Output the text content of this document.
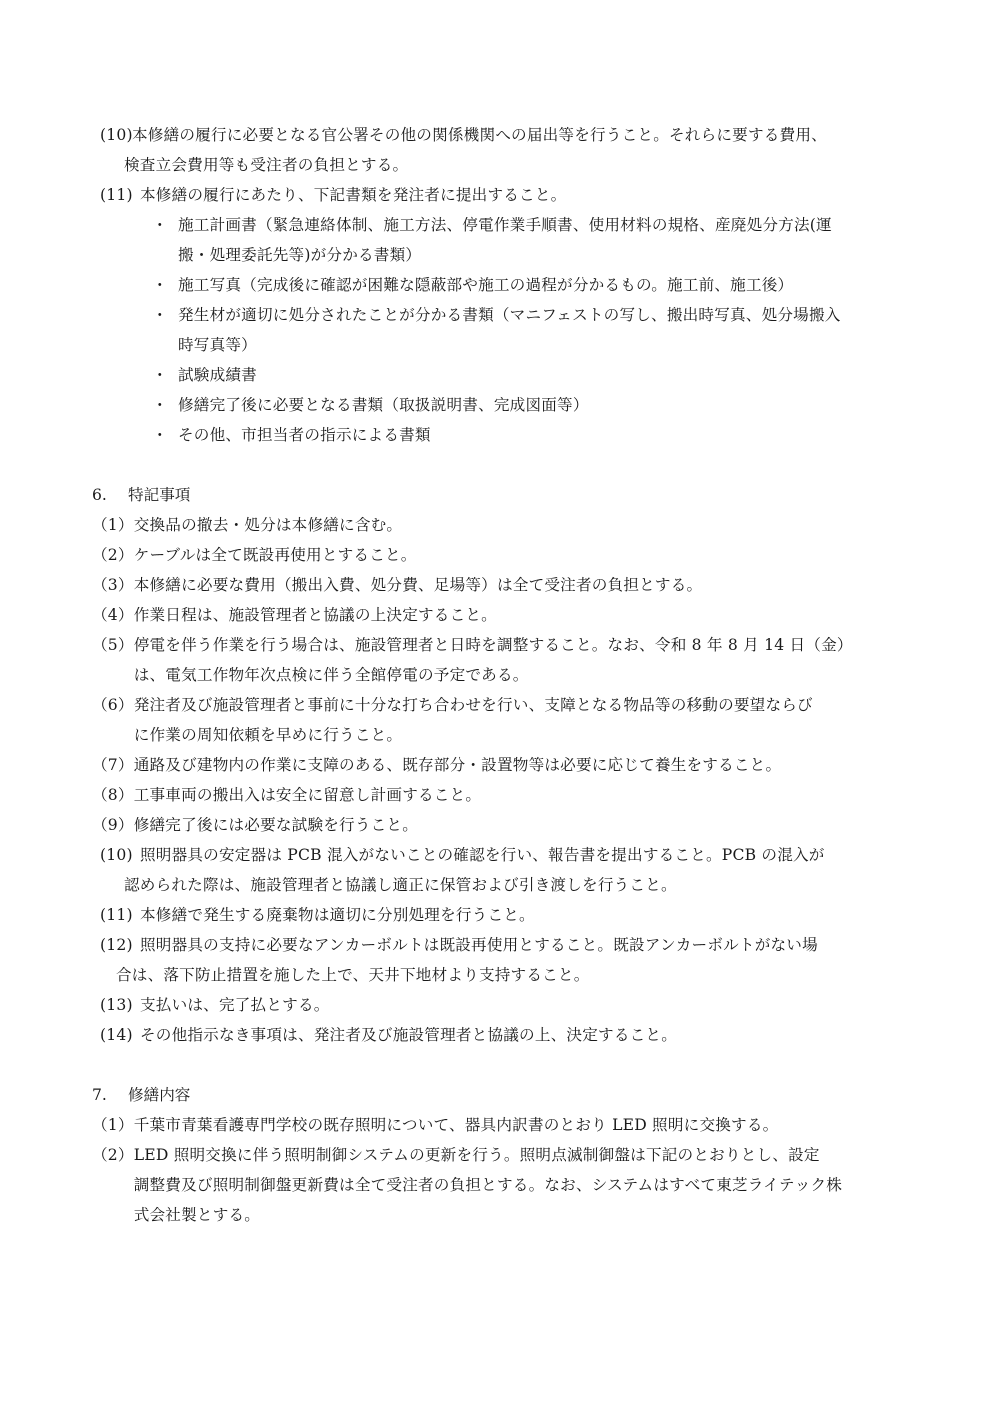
(10) 本修繕の履行に必要となる官公署その他の関係機関への届出等を行うこと。それらに要する費用、
検査立会費用等も受注者の負担とする。
(11) 本修繕の履行にあたり、下記書類を発注者に提出すること。
・ 施工計画書（緊急連絡体制、施工方法、停電作業手順書、使用材料の規格、産廃処分方法(運
搬・処理委託先等)が分かる書類）
・ 施工写真（完成後に確認が困難な隠蔽部や施工の過程が分かるもの。施工前、施工後）
・ 発生材が適切に処分されたことが分かる書類（マニフェストの写し、搬出時写真、処分場搬入
時写真等）
・ 試験成績書
・ 修繕完了後に必要となる書類（取扱説明書、完成図面等）
・ その他、市担当者の指示による書類
6. 特記事項
（1） 交換品の撤去・処分は本修繕に含む。
（2） ケーブルは全て既設再使用とすること。
（3） 本修繕に必要な費用（搬出入費、処分費、足場等）は全て受注者の負担とする。
（4） 作業日程は、施設管理者と協議の上決定すること。
（5） 停電を伴う作業を行う場合は、施設管理者と日時を調整すること。なお、令和 8 年 8 月 14 日（金）
は、電気工作物年次点検に伴う全館停電の予定である。
（6） 発注者及び施設管理者と事前に十分な打ち合わせを行い、支障となる物品等の移動の要望ならび
に作業の周知依頼を早めに行うこと。
（7） 通路及び建物内の作業に支障のある、既存部分・設置物等は必要に応じて養生をすること。
（8） 工事車両の搬出入は安全に留意し計画すること。
（9） 修繕完了後には必要な試験を行うこと。
(10) 照明器具の安定器は PCB 混入がないことの確認を行い、報告書を提出すること。PCB の混入が
認められた際は、施設管理者と協議し適正に保管および引き渡しを行うこと。
(11) 本修繕で発生する廃棄物は適切に分別処理を行うこと。
(12) 照明器具の支持に必要なアンカーボルトは既設再使用とすること。既設アンカーボルトがない場
合は、落下防止措置を施した上で、天井下地材より支持すること。
(13) 支払いは、完了払とする。
(14) その他指示なき事項は、発注者及び施設管理者と協議の上、決定すること。
7. 修繕内容
（1） 千葉市青葉看護専門学校の既存照明について、器具内訳書のとおり LED 照明に交換する。
（2） LED 照明交換に伴う照明制御システムの更新を行う。照明点滅制御盤は下記のとおりとし、設定
調整費及び照明制御盤更新費は全て受注者の負担とする。なお、システムはすべて東芝ライテック株
式会社製とする。
